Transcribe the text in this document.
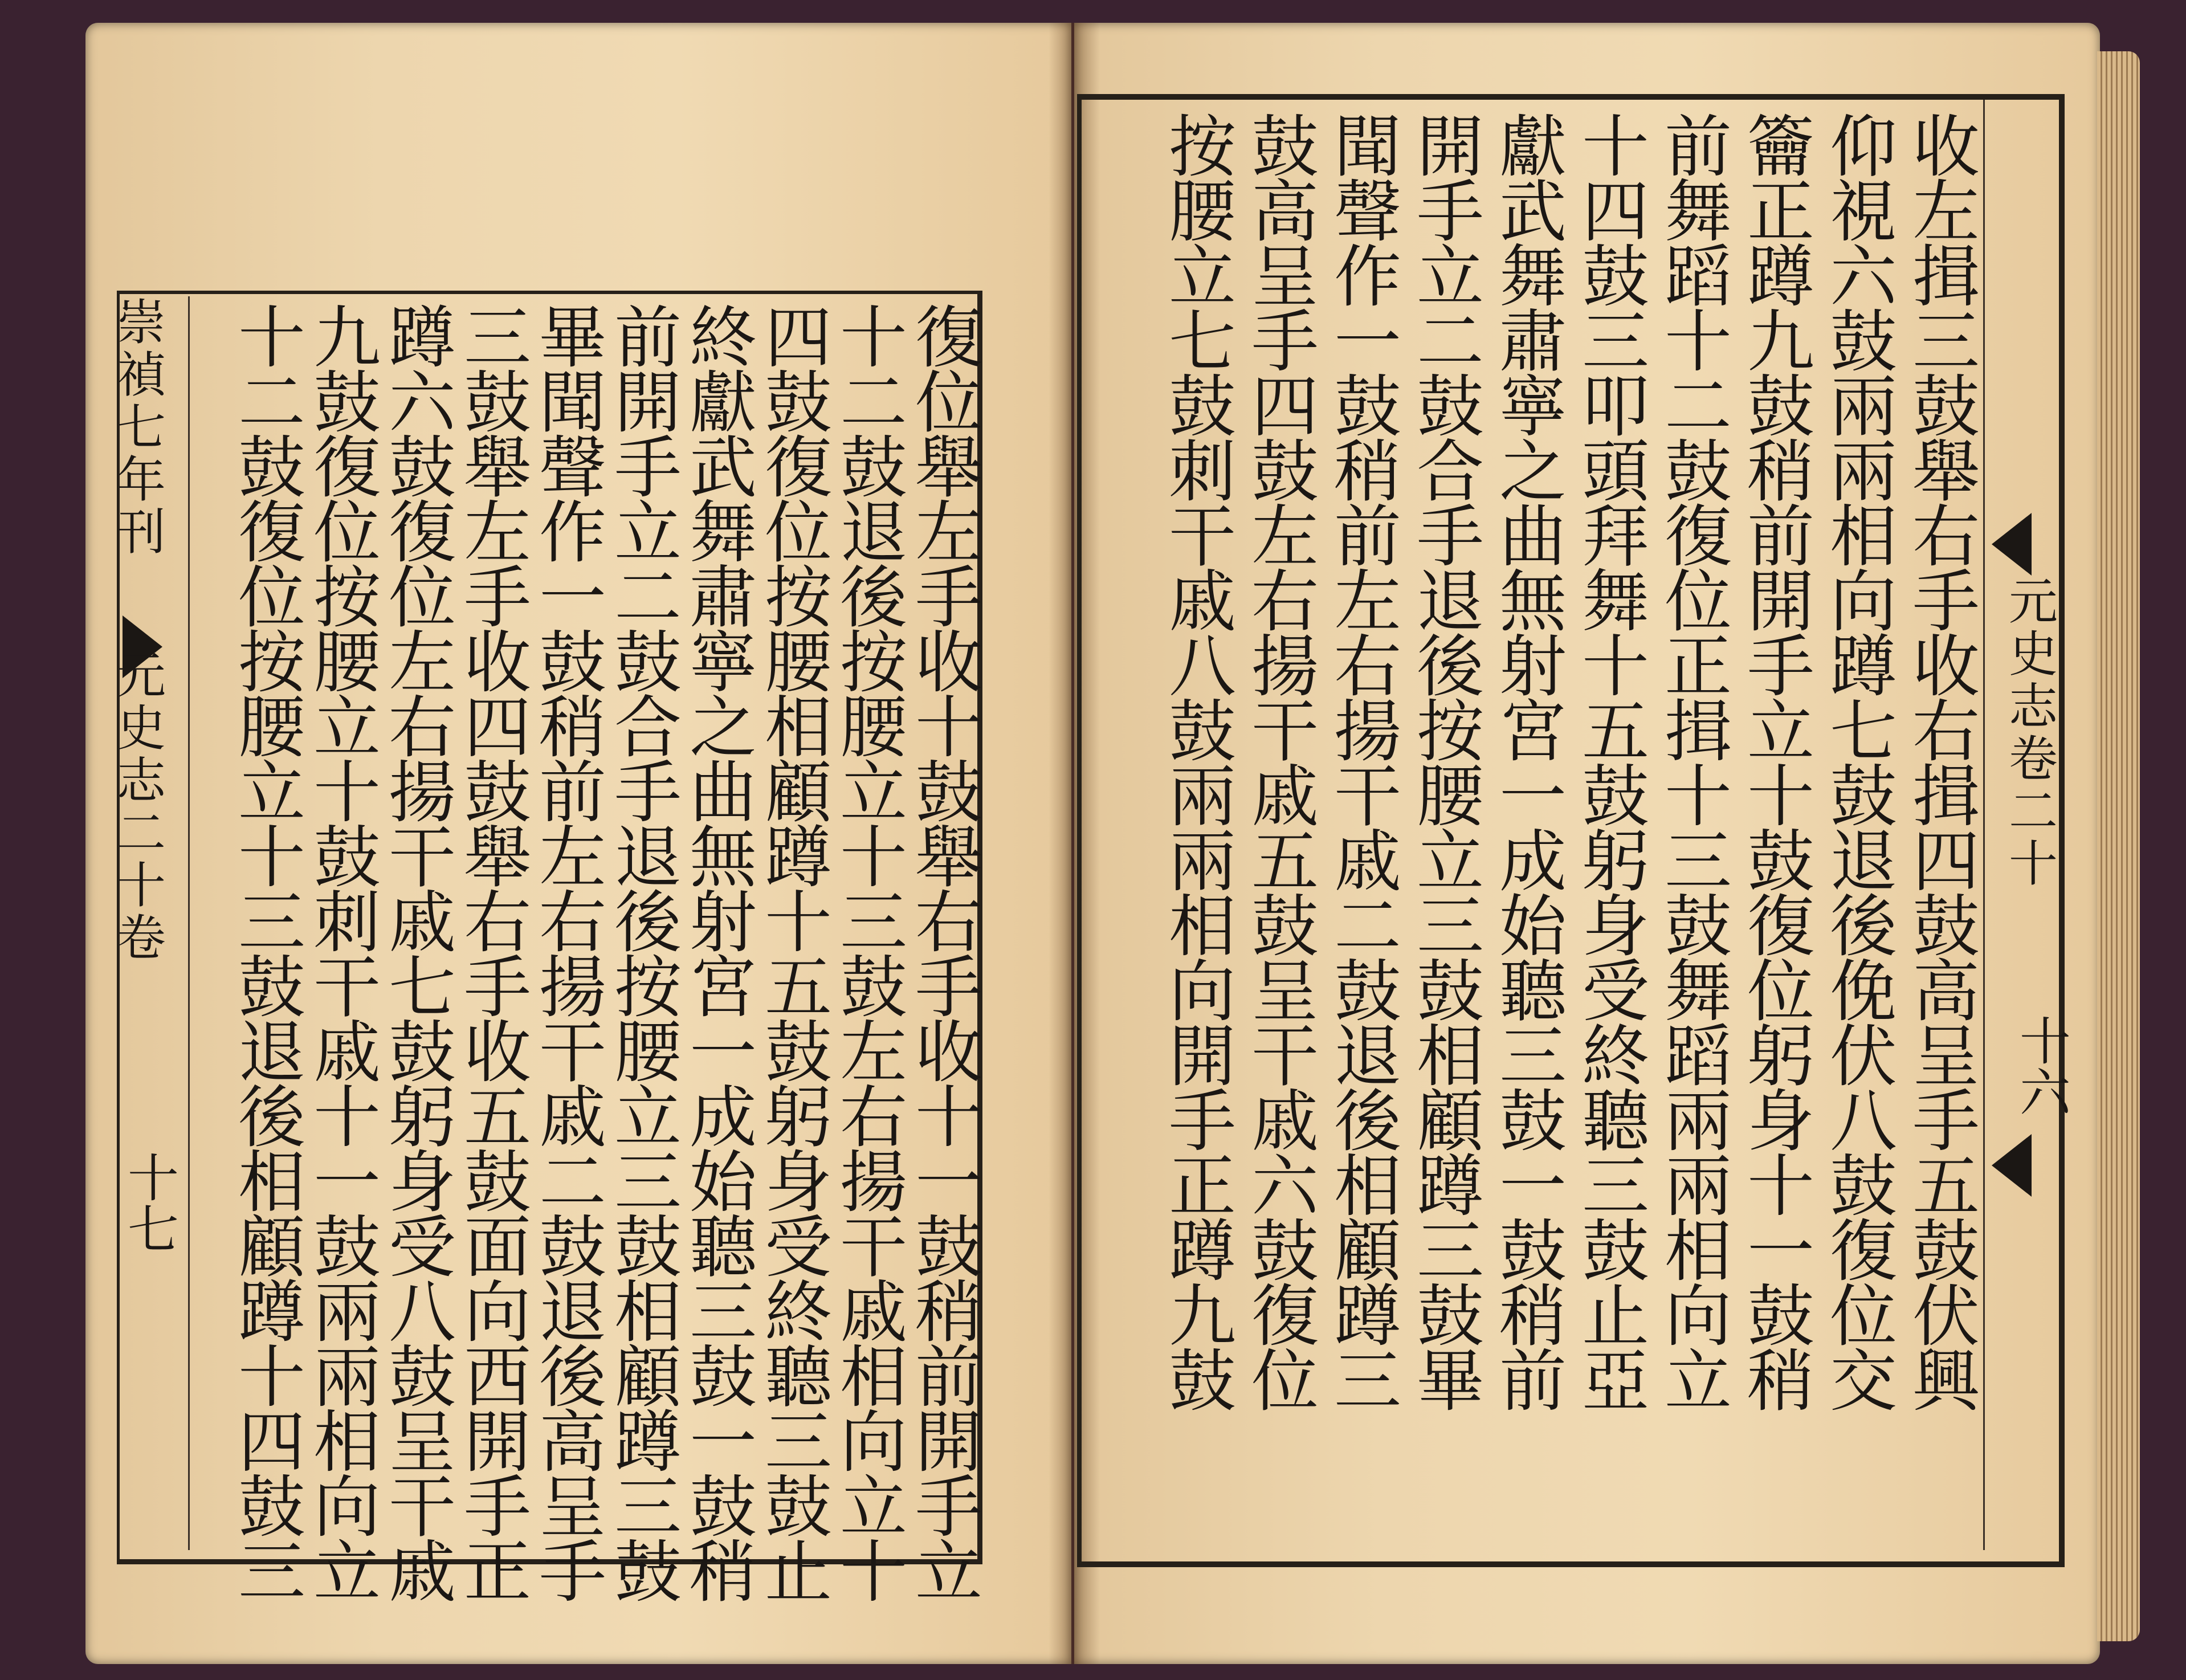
崇禎七年刊
元史志二十卷
十七	復位舉左手收十鼓舉右手收十一鼓稍前開手立
十二鼓退後按腰立十三鼓左右揚干戚相向立十
四鼓復位按腰相顧蹲十五鼓躬身受終聽三鼓止
終獻武舞肅寧之曲無射宮一成始聽三鼓一鼓稍
前開手立二鼓合手退後按腰立三鼓相顧蹲三鼓
畢聞聲作一鼓稍前左右揚干戚二鼓退後高呈手
三鼓舉左手收四鼓舉右手收五鼓面向西開手正
蹲六鼓復位左右揚干戚七鼓躬身受八鼓呈干戚
九鼓復位按腰立十鼓刺干戚十一鼓兩兩相向立
十二鼓復位按腰立十三鼓退後相顧蹲十四鼓三	元史志卷二十
十六
收左揖三鼓舉右手收右揖四鼓高呈手五鼓伏興
仰視六鼓兩兩相向蹲七鼓退後俛伏八鼓復位交
籥正蹲九鼓稍前開手立十鼓復位躬身十一鼓稍
前舞蹈十二鼓復位正揖十三鼓舞蹈兩兩相向立
十四鼓三叩頭拜舞十五鼓躬身受終聽三鼓止亞
獻武舞肅寧之曲無射宮一成始聽三鼓一鼓稍前
開手立二鼓合手退後按腰立三鼓相顧蹲三鼓畢
聞聲作一鼓稍前左右揚干戚二鼓退後相顧蹲三
鼓高呈手四鼓左右揚干戚五鼓呈干戚六鼓復位
按腰立七鼓刺干戚八鼓兩兩相向開手正蹲九鼓
